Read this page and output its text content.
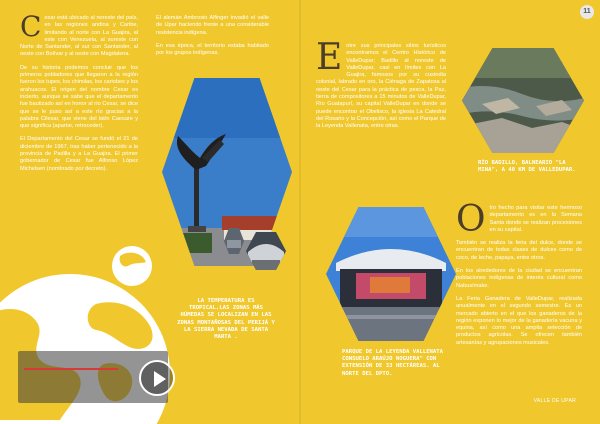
11
C esar está ubicado al noreste del país, en las regiones andina y Caribe, limitando al norte con La Guajira, al este con Venezuela, al sureste con Norte de Santander, al sur con Santander, al oeste con Bolívar y al oeste con Magdalena.

De su historia podemos concluir que los primeros pobladores que llegaron a la región fueron los tupes, los chimilas, los cariobes y los arahuacos. El origen del nombre Cesar es incierto, aunque se sabe que el departamento fue bautizado así en honor al río Cesar, se dice que se le puso así a este río gracias a la palabra Cilesar, que viene del latín Caesare y que significa (apartar, retroceder).

El Departamento del Cesar se fundó el 21 de diciembre de 1967, tras haber pertenecido a la provincia de Padilla y a La Guajira. El primer gobernador de Cesar fue Alfonso López Michelsen (nombrado por decreto).

El alemán Ambrosio Alfinger invadió el valle de Upar haciendo frente a una considerable resistencia indígena.

En esa época, el territorio estaba habitado por los grupos indígenas.

LA TEMPERATURA ES TROPICAL,LAS ZONAS MÁS HÚMEDAS SE LOCALIZAN EN LAS ZONAS MONTAÑOSAS DEL PERIJÁ Y LA SIERRA NEVADA DE SANTA MARTA .
E ntre sus principales sitios turísticos encontramos el Centro Histórico de ValleDupar; Badillo al noreste de ValleDupar, casi en límites con La Guajira, famosos por su custodia colonial, labrado en oro, la Ciénaga de Zapatosa al oeste del Cesar para la práctica de pesca, la Paz, tierra de compositores a 15 minutos de ValleDupar, Río Guatapurí, su capital ValleDupar en donde se puede encontrar el Obelisco, la iglesia La Catedral del Rosario y la Concepción, así como el Parque de la Leyenda Vallenata, entre otras.

RÍO BADILLO, BALNEARIO "LA MINA", A 40 KM DE VALLEDUPAR.
PARQUE DE LA LEYENDA VALLENATA CONSUELO ARAÚJO NOGUERA" CON EXTENSIÓN DE 33 HECTÁREAS. AL NORTE DEL DPTO.
O tro hecho para visitar este hermoso departamento es en la Semana Santa donde se realizan procesiones en su capital.

También se realiza la feria del dulce, donde se encuentran de todas clases de dulces como de coco, de leche, papaya, entre otros.

En los alrededores de la ciudad se encuentran poblaciones indígenas de interés cultural como Nabusímake.

La Feria Ganadera de ValleDupar, realizada anualmente en el segundo semestre. Es un mercado abierto en el que los ganaderos de la región exponen lo mejor de la ganadería vacuna y equina, así como una amplia selección de productos agrícolas. Se ofrecen también artesanías y agrupaciones musicales.

VALLE DE UPAR
